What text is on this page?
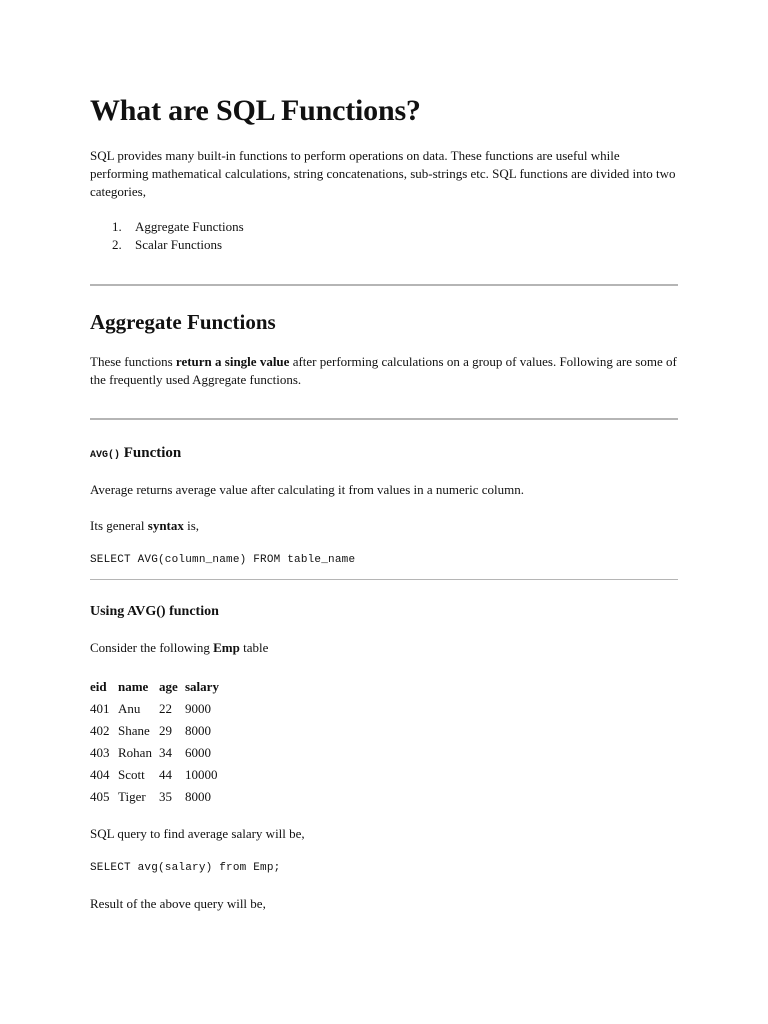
What are SQL Functions?

SQL provides many built-in functions to perform operations on data. These functions are useful while performing mathematical calculations, string concatenations, sub-strings etc. SQL functions are divided into two categories,

1. Aggregate Functions
2. Scalar Functions
Aggregate Functions

These functions return a single value after performing calculations on a group of values. Following are some of the frequently used Aggregate functions.

AVG() Function

Average returns average value after calculating it from values in a numeric column.

Its general syntax is,

SELECT AVG(column_name) FROM table_name
Using AVG() function

Consider the following Emp table

eid	name	age	salary
401	Anu	22	9000
402	Shane	29	8000
403	Rohan	34	6000
404	Scott	44	10000
405	Tiger	35	8000

SQL query to find average salary will be,

SELECT avg(salary) from Emp;

Result of the above query will be,
